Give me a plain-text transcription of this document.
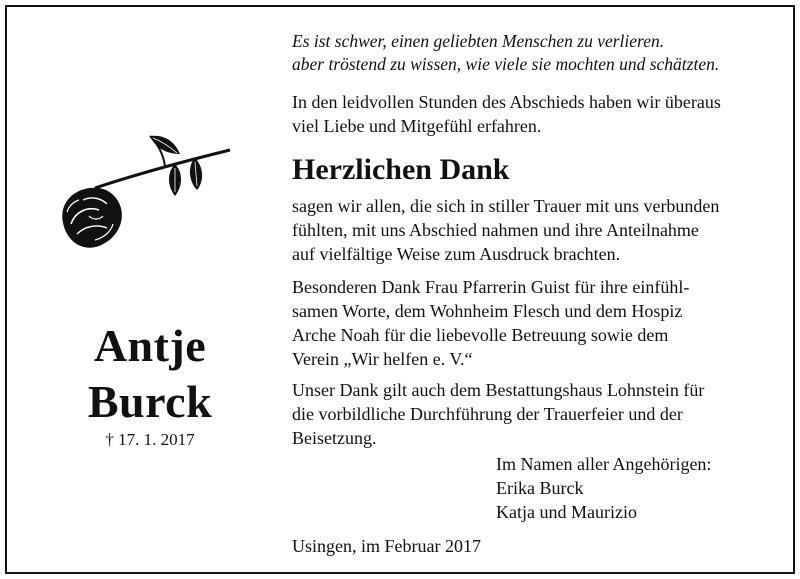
Antje
Burck
† 17. 1. 2017
Es ist schwer, einen geliebten Menschen zu verlieren.
aber tröstend zu wissen, wie viele sie mochten und schätzten.
In den leidvollen Stunden des Abschieds haben wir überaus
viel Liebe und Mitgefühl erfahren.
Herzlichen Dank
sagen wir allen, die sich in stiller Trauer mit uns verbunden
fühlten, mit uns Abschied nahmen und ihre Anteilnahme
auf vielfältige Weise zum Ausdruck brachten.
Besonderen Dank Frau Pfarrerin Guist für ihre einfühl-
samen Worte, dem Wohnheim Flesch und dem Hospiz
Arche Noah für die liebevolle Betreuung sowie dem
Verein „Wir helfen e. V.“
Unser Dank gilt auch dem Bestattungshaus Lohnstein für
die vorbildliche Durchführung der Trauerfeier und der
Beisetzung.
Im Namen aller Angehörigen:
Erika Burck
Katja und Maurizio
Usingen, im Februar 2017
